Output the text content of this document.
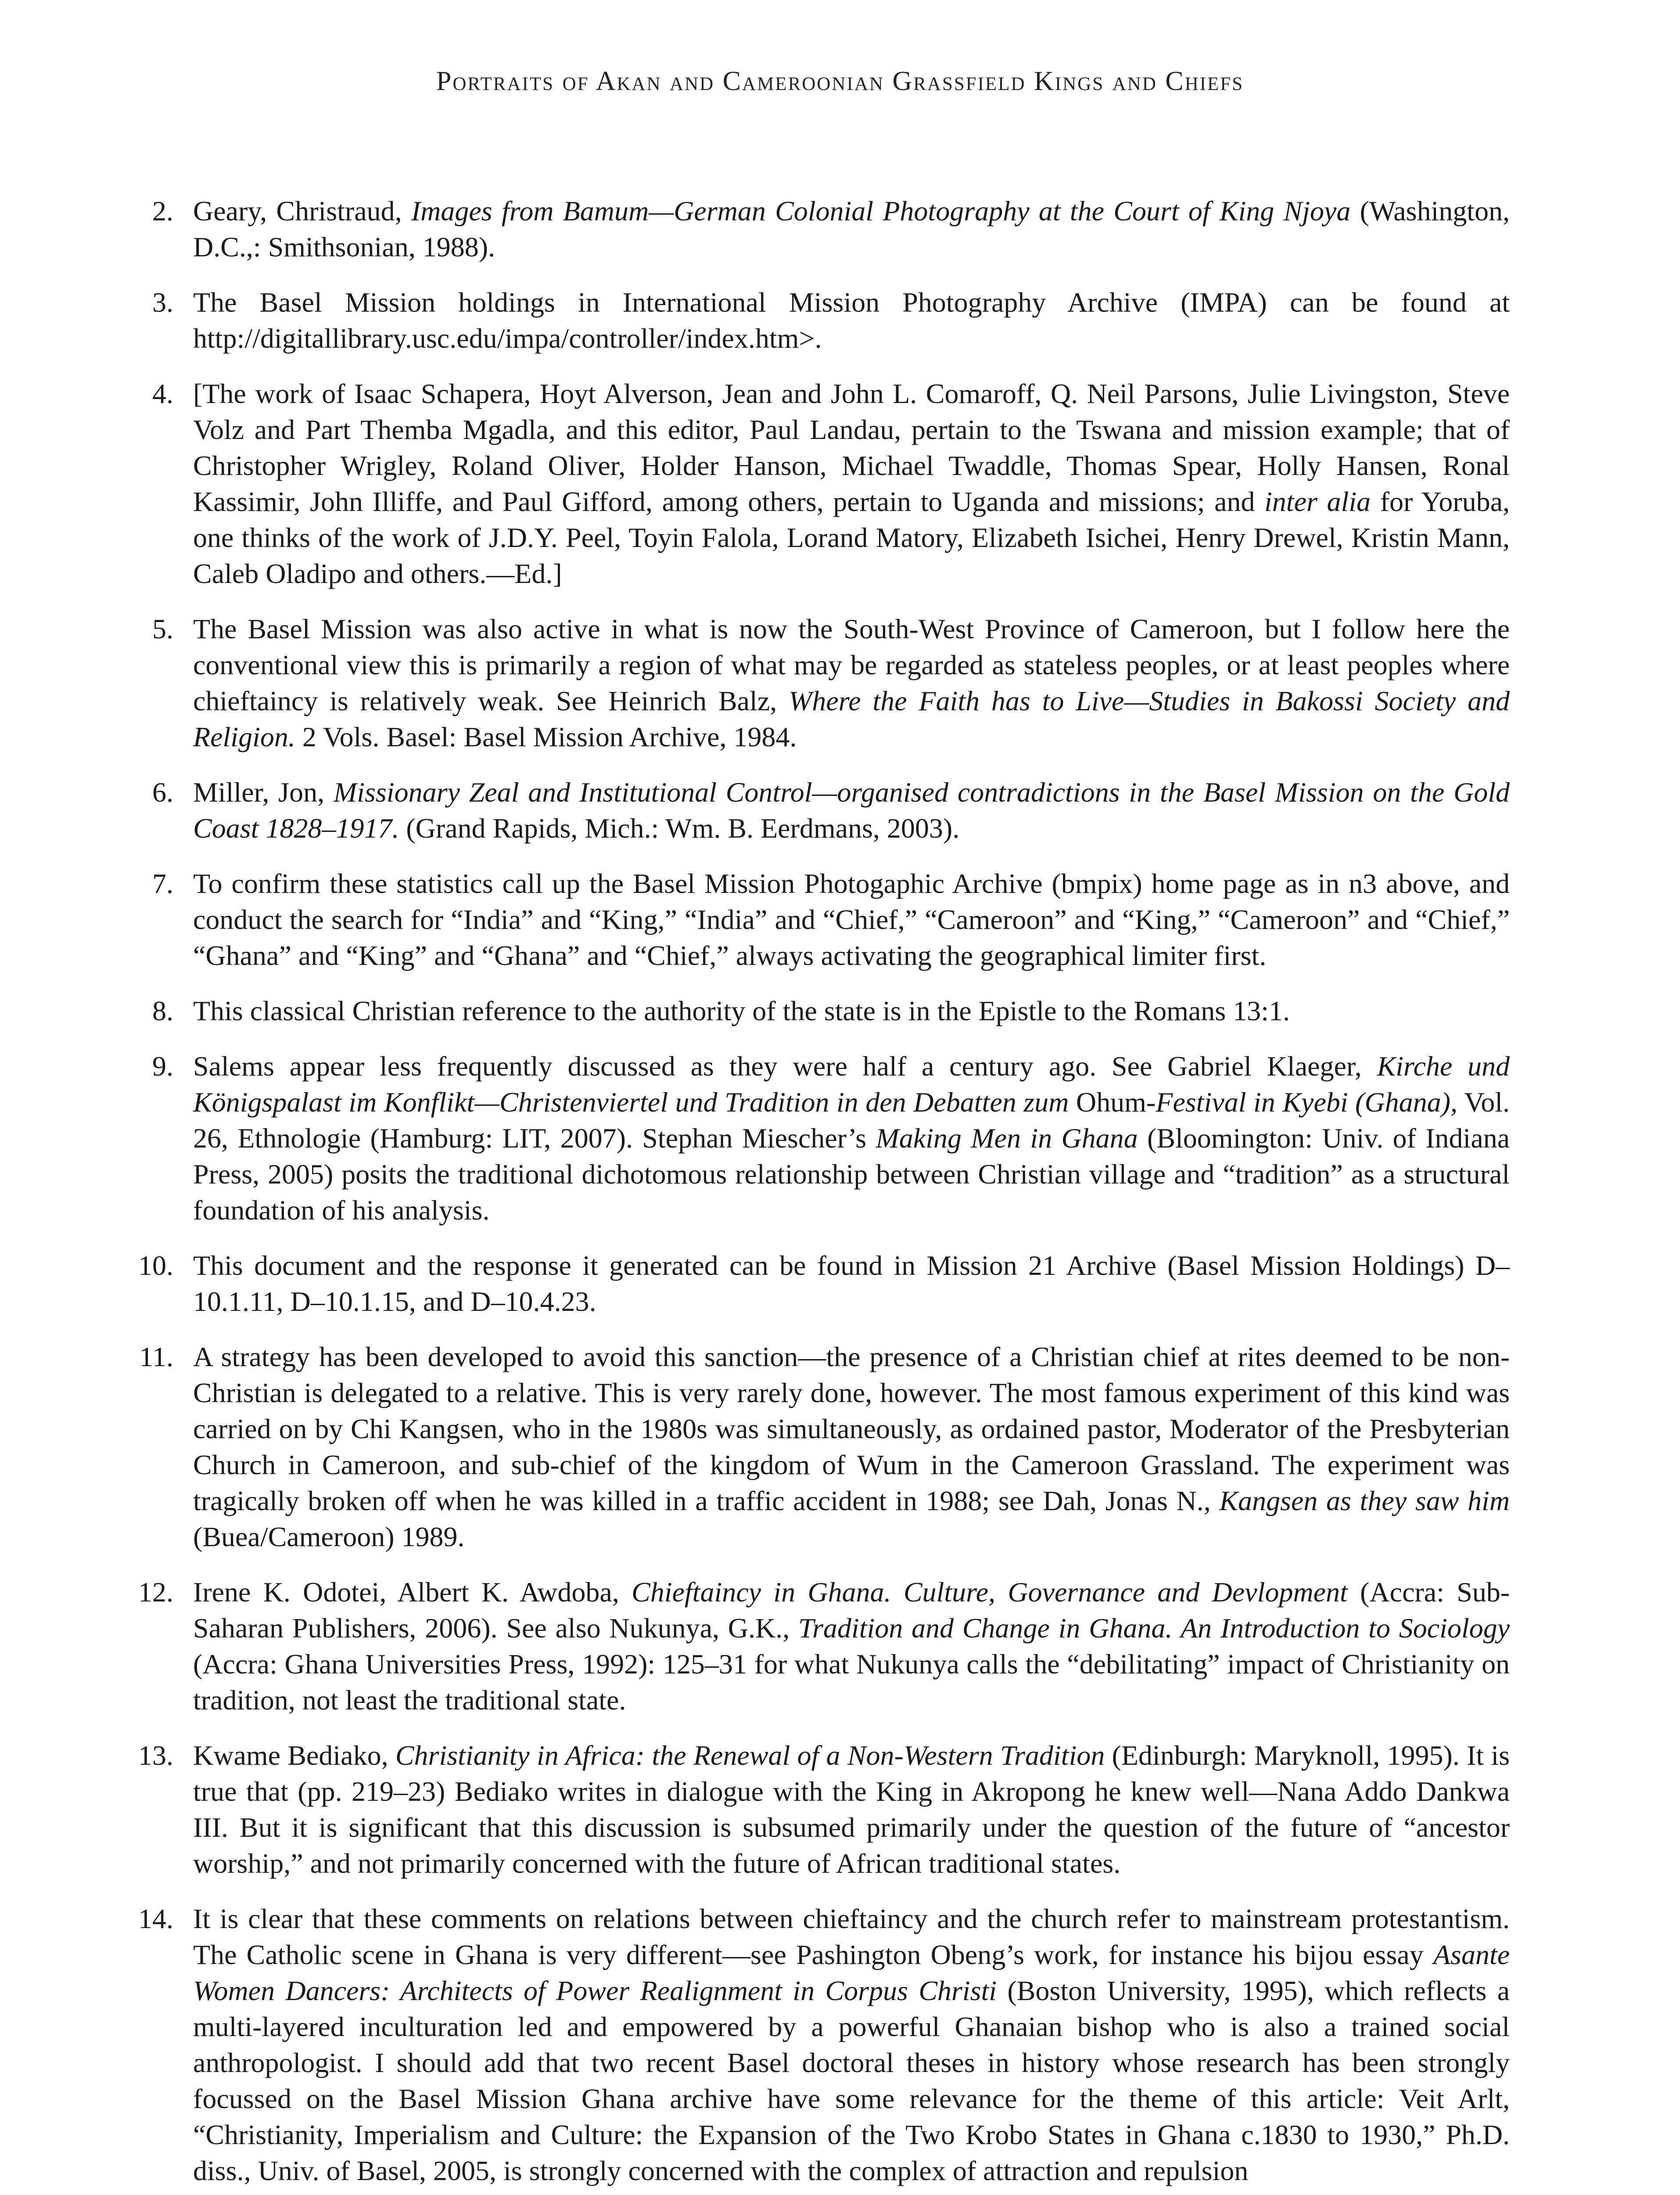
Portraits of Akan and Cameroonian Grassfield Kings and Chiefs
2. Geary, Christraud, Images from Bamum—German Colonial Photography at the Court of King Njoya (Washington, D.C.,: Smithsonian, 1988).
3. The Basel Mission holdings in International Mission Photography Archive (IMPA) can be found at http://digitallibrary.usc.edu/impa/controller/index.htm>.
4. [The work of Isaac Schapera, Hoyt Alverson, Jean and John L. Comaroff, Q. Neil Parsons, Julie Livingston, Steve Volz and Part Themba Mgadla, and this editor, Paul Landau, pertain to the Tswana and mission example; that of Christopher Wrigley, Roland Oliver, Holder Hanson, Michael Twaddle, Thomas Spear, Holly Hansen, Ronal Kassimir, John Illiffe, and Paul Gifford, among others, pertain to Uganda and missions; and inter alia for Yoruba, one thinks of the work of J.D.Y. Peel, Toyin Falola, Lorand Matory, Elizabeth Isichei, Henry Drewel, Kristin Mann, Caleb Oladipo and others.—Ed.]
5. The Basel Mission was also active in what is now the South-West Province of Cameroon, but I follow here the conventional view this is primarily a region of what may be regarded as stateless peoples, or at least peoples where chieftaincy is relatively weak. See Heinrich Balz, Where the Faith has to Live—Studies in Bakossi Society and Religion. 2 Vols. Basel: Basel Mission Archive, 1984.
6. Miller, Jon, Missionary Zeal and Institutional Control—organised contradictions in the Basel Mission on the Gold Coast 1828–1917. (Grand Rapids, Mich.: Wm. B. Eerdmans, 2003).
7. To confirm these statistics call up the Basel Mission Photogaphic Archive (bmpix) home page as in n3 above, and conduct the search for “India” and “King,” “India” and “Chief,” “Cameroon” and “King,” “Cameroon” and “Chief,” “Ghana” and “King” and “Ghana” and “Chief,” always activating the geographical limiter first.
8. This classical Christian reference to the authority of the state is in the Epistle to the Romans 13:1.
9. Salems appear less frequently discussed as they were half a century ago. See Gabriel Klaeger, Kirche und Königspalast im Konflikt—Christenviertel und Tradition in den Debatten zum Ohum-Festival in Kyebi (Ghana), Vol. 26, Ethnologie (Hamburg: LIT, 2007). Stephan Miescher’s Making Men in Ghana (Bloomington: Univ. of Indiana Press, 2005) posits the traditional dichotomous relationship between Christian village and “tradition” as a structural foundation of his analysis.
10. This document and the response it generated can be found in Mission 21 Archive (Basel Mission Holdings) D–10.1.11, D–10.1.15, and D–10.4.23.
11. A strategy has been developed to avoid this sanction—the presence of a Christian chief at rites deemed to be non-Christian is delegated to a relative. This is very rarely done, however. The most famous experiment of this kind was carried on by Chi Kangsen, who in the 1980s was simultaneously, as ordained pastor, Moderator of the Presbyterian Church in Cameroon, and sub-chief of the kingdom of Wum in the Cameroon Grassland. The experiment was tragically broken off when he was killed in a traffic accident in 1988; see Dah, Jonas N., Kangsen as they saw him (Buea/Cameroon) 1989.
12. Irene K. Odotei, Albert K. Awdoba, Chieftaincy in Ghana. Culture, Governance and Devlopment (Accra: Sub-Saharan Publishers, 2006). See also Nukunya, G.K., Tradition and Change in Ghana. An Introduction to Sociology (Accra: Ghana Universities Press, 1992): 125–31 for what Nukunya calls the “debilitating” impact of Christianity on tradition, not least the traditional state.
13. Kwame Bediako, Christianity in Africa: the Renewal of a Non-Western Tradition (Edinburgh: Maryknoll, 1995). It is true that (pp. 219–23) Bediako writes in dialogue with the King in Akropong he knew well—Nana Addo Dankwa III. But it is significant that this discussion is subsumed primarily under the question of the future of “ancestor worship,” and not primarily concerned with the future of African traditional states.
14. It is clear that these comments on relations between chieftaincy and the church refer to mainstream protestantism. The Catholic scene in Ghana is very different—see Pashington Obeng’s work, for instance his bijou essay Asante Women Dancers: Architects of Power Realignment in Corpus Christi (Boston University, 1995), which reflects a multi-layered inculturation led and empowered by a powerful Ghanaian bishop who is also a trained social anthropologist. I should add that two recent Basel doctoral theses in history whose research has been strongly focussed on the Basel Mission Ghana archive have some relevance for the theme of this article: Veit Arlt, “Christianity, Imperialism and Culture: the Expansion of the Two Krobo States in Ghana c.1830 to 1930,” Ph.D. diss., Univ. of Basel, 2005, is strongly concerned with the complex of attraction and repulsion
